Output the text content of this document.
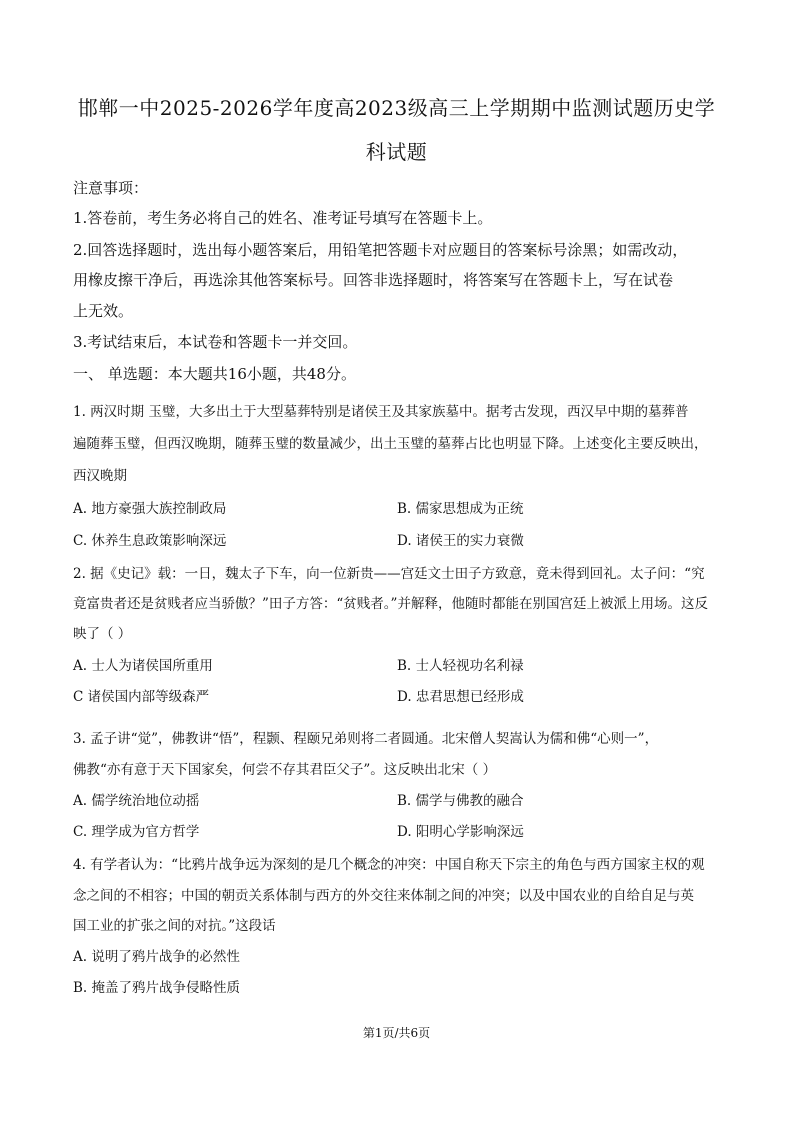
邯郸一中2025-2026学年度高2023级高三上学期期中监测试题历史学
科试题
注意事项：
1.答卷前，考生务必将自己的姓名、准考证号填写在答题卡上。
2.回答选择题时，选出每小题答案后，用铅笔把答题卡对应题目的答案标号涂黑；如需改动，
用橡皮擦干净后，再选涂其他答案标号。回答非选择题时，将答案写在答题卡上，写在试卷
上无效。
3.考试结束后，本试卷和答题卡一并交回。
一、 单选题：本大题共16小题，共48分。
1. 两汉时期 玉璧，大多出土于大型墓葬特别是诸侯王及其家族墓中。据考古发现，西汉早中期的墓葬普
遍随葬玉璧，但西汉晚期，随葬玉璧的数量减少，出土玉璧的墓葬占比也明显下降。上述变化主要反映出，
西汉晚期
A. 地方豪强大族控制政局	B. 儒家思想成为正统
C. 休养生息政策影响深远	D. 诸侯王的实力衰微
2. 据《史记》载：一日，魏太子下车，向一位新贵——宫廷文士田子方致意，竟未得到回礼。太子问：“究
竟富贵者还是贫贱者应当骄傲？”田子方答：“贫贱者。”并解释，他随时都能在别国宫廷上被派上用场。这反
映了（ ）
A. 士人为诸侯国所重用	B. 士人轻视功名利禄
C 诸侯国内部等级森严	D. 忠君思想已经形成
3. 孟子讲“觉”，佛教讲“悟”，程颢、程颐兄弟则将二者圆通。北宋僧人契嵩认为儒和佛“心则一”，
佛教“亦有意于天下国家矣，何尝不存其君臣父子”。这反映出北宋（ ）
A. 儒学统治地位动摇	B. 儒学与佛教的融合
C. 理学成为官方哲学	D. 阳明心学影响深远
4. 有学者认为：“比鸦片战争远为深刻的是几个概念的冲突：中国自称天下宗主的角色与西方国家主权的观
念之间的不相容；中国的朝贡关系体制与西方的外交往来体制之间的冲突；以及中国农业的自给自足与英
国工业的扩张之间的对抗。”这段话
A. 说明了鸦片战争的必然性
B. 掩盖了鸦片战争侵略性质
第1页/共6页
